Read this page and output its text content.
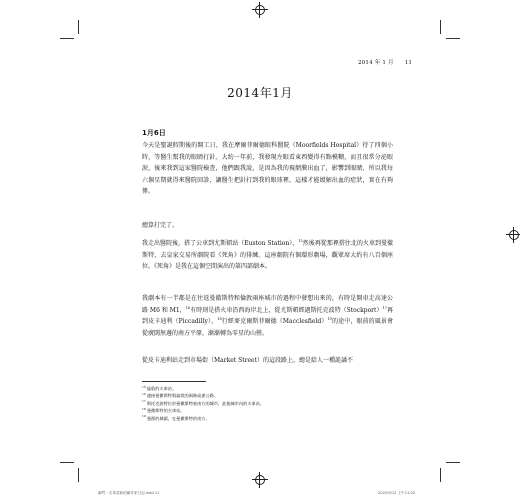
2014 年 1 月 11
2014年1月
1月6日

今天是聖誕假期後的開工日，我在摩爾菲爾德眼科醫院（Moorfields Hospital）待了四個小時，等醫生幫我的眼睛打針。大約一年前，我發現左眼看東西變得有點模糊，而且很常分泌眼淚，後來我到這家醫院檢查，他們跟我說，是因為我的視網膜出血了，影響到眼睛，所以我每六個星期就得來醫院回診，讓醫生把針打到我的眼球裡，這樣才能緩解出血的症狀，實在有夠慘。

總算打完了。

我走出醫院後，搭了公車到尤斯頓站（Euston Station），$^{15}$然後再從那裡搭往北的火車到曼徹斯特，去皇家交易所劇院看《死角》的排練。這座劇院有個環形劇場，觀眾席大約有八百個座位。《死角》是我在這個空間演出的第四部劇本。

我劇本有一半都是在往返曼徹斯特和倫敦兩座城市的過程中發想出來的，有時是開車走高速公路 M6 和 M1，$^{16}$有時則是搭火車沿西海岸北上，從尤斯頓經過斯托克波特（Stockport）$^{17}$再到皮卡迪利（Piccadilly），$^{18}$行經麥克爾斯菲爾德（Macclesfield）$^{19}$的途中，眼前的風景會從廣闊無邊的南方平原，漸漸轉為零星的山巒。

從皮卡迪利站走到市場街（Market Street）的這段路上，總是給人一種詭譎不

$^{15}$倫敦的火車站。
$^{16}$連接曼徹斯特與倫敦的兩條高速公路。
$^{17}$斯托克波特位於曼徹斯特東南方的城市，此指城市內的火車站。
$^{18}$曼徹斯特的火車站。
$^{19}$曼郡的城鎮，在曼徹斯特的南方。
劇門・走革菜新的劇作家日記.indd 11	2022/9/12 上午11:02
